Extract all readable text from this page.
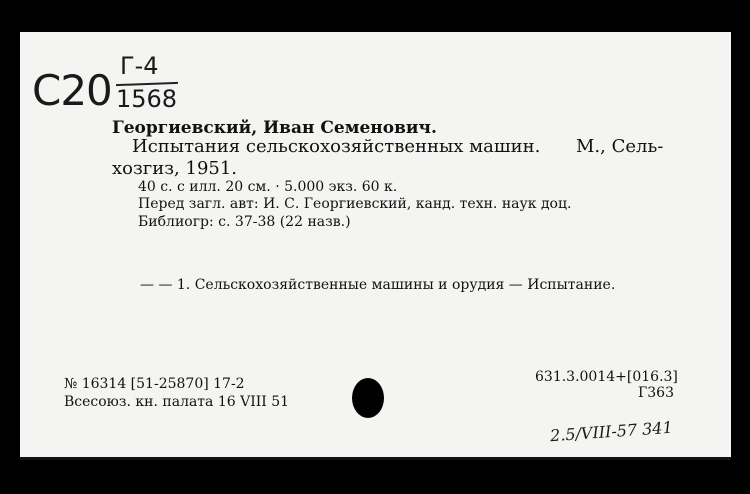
С20 Г-4
1568
Георгиевский, Иван Семенович.
Испытания сельскохозяйственных машин. М., Сель-
хозгиз, 1951.
40 с. с илл. 20 см. · 5.000 экз. 60 к.
Перед загл. авт: И. С. Георгиевский, канд. техн. наук доц.
Библиогр: с. 37-38 (22 назв.)
— — 1. Сельскохозяйственные машины и орудия — Испытание.
№ 16314 [51-25870] 17-2
Всесоюз. кн. палата 16 VIII 51
631.3.0014+[016.3]
Г363
2.5/VIII-57 341
